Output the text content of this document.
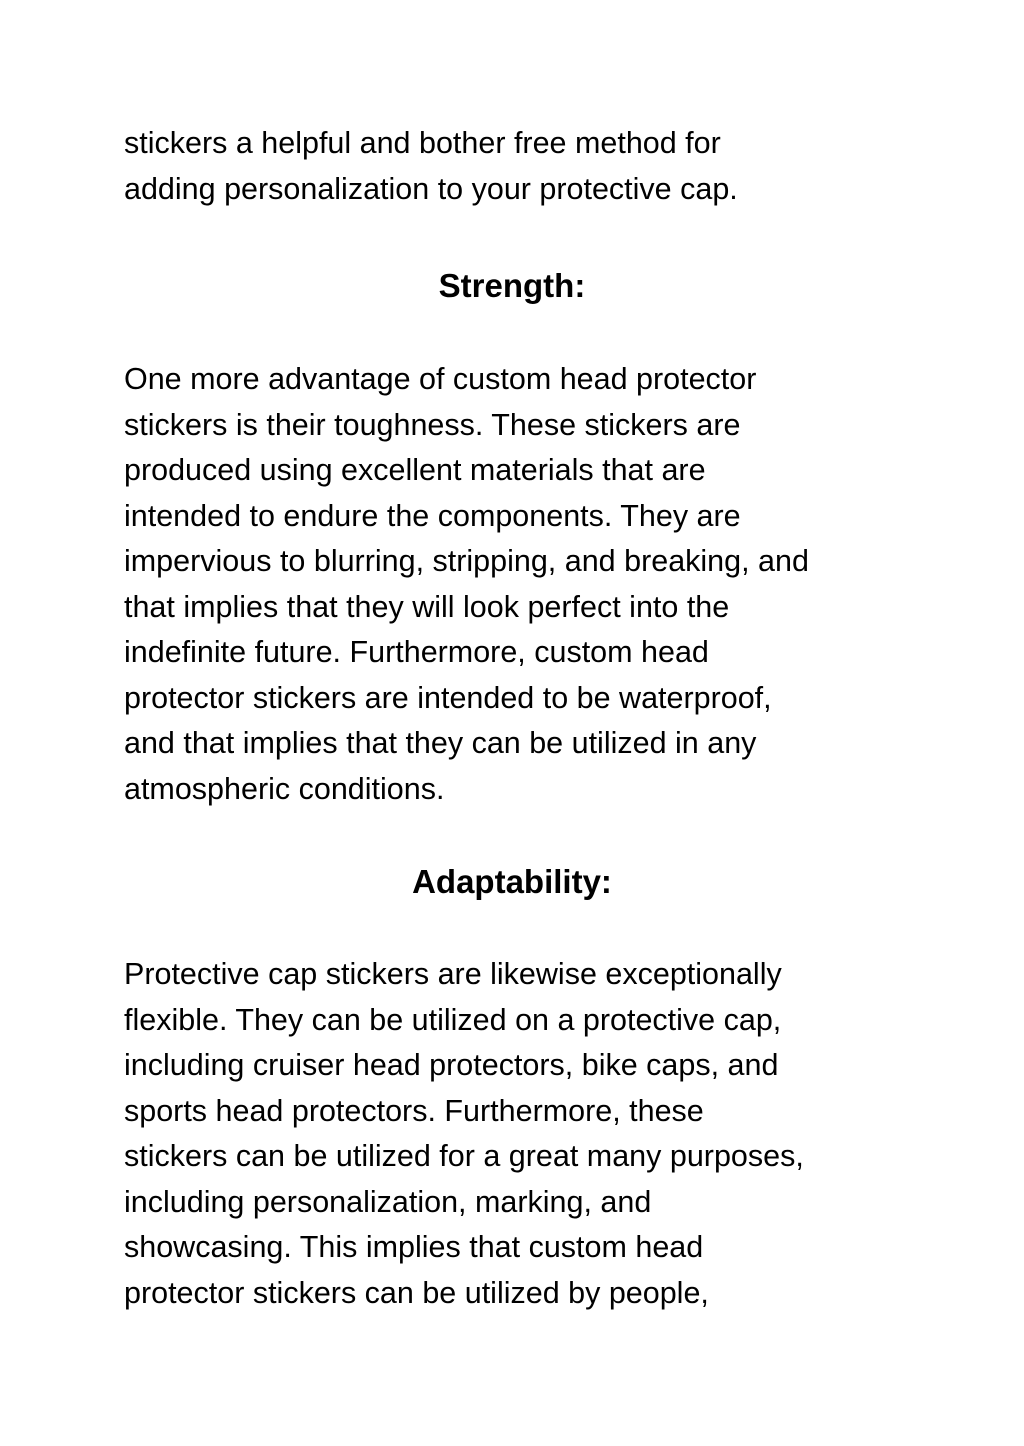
stickers a helpful and bother free method for
adding personalization to your protective cap.

Strength:

One more advantage of custom head protector
stickers is their toughness. These stickers are
produced using excellent materials that are
intended to endure the components. They are
impervious to blurring, stripping, and breaking, and
that implies that they will look perfect into the
indefinite future. Furthermore, custom head
protector stickers are intended to be waterproof,
and that implies that they can be utilized in any
atmospheric conditions.

Adaptability:

Protective cap stickers are likewise exceptionally
flexible. They can be utilized on a protective cap,
including cruiser head protectors, bike caps, and
sports head protectors. Furthermore, these
stickers can be utilized for a great many purposes,
including personalization, marking, and
showcasing. This implies that custom head
protector stickers can be utilized by people,
